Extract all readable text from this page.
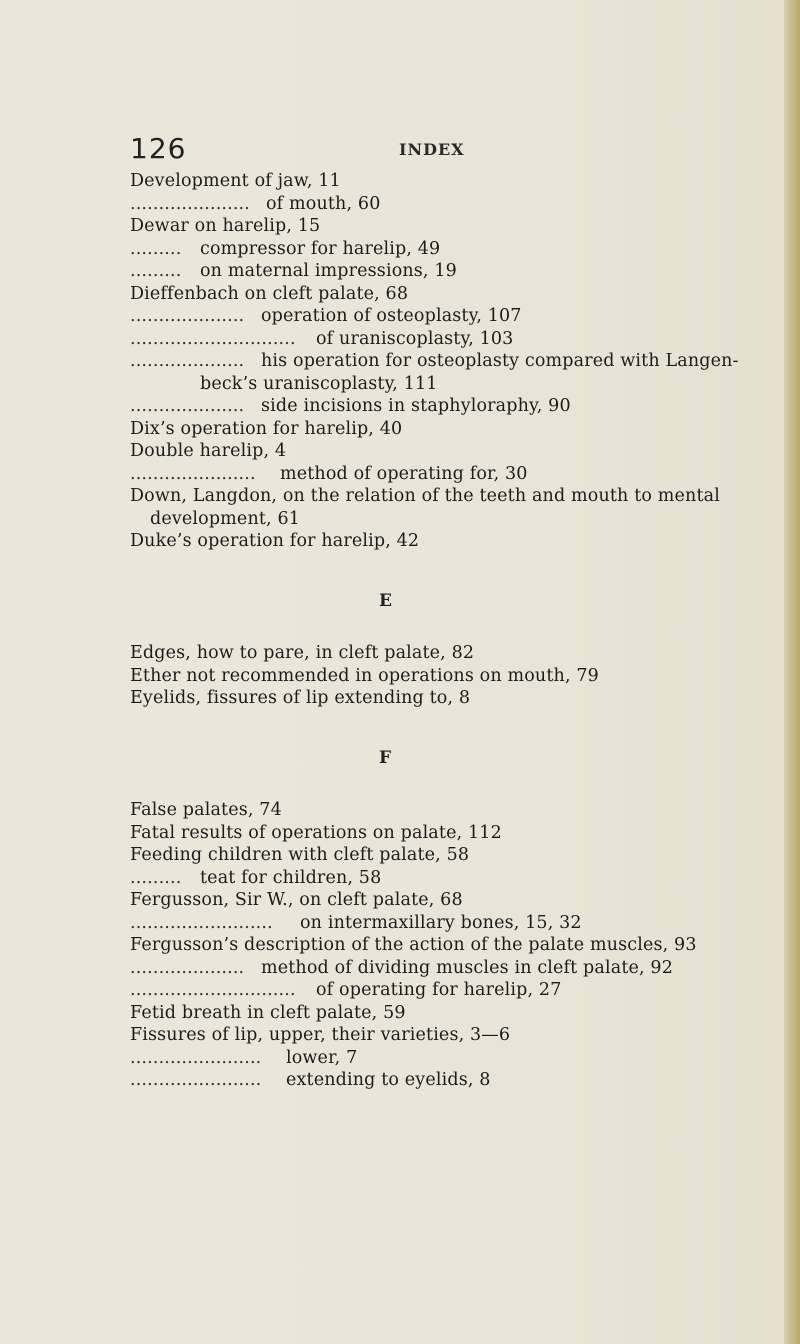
126	INDEX
Development of jaw, 11
..................... of mouth, 60
Dewar on harelip, 15
......... compressor for harelip, 49
......... on maternal impressions, 19
Dieffenbach on cleft palate, 68
.................... operation of osteoplasty, 107
............................. of uraniscoplasty, 103
.................... his operation for osteoplasty compared with Langen-
beck’s uraniscoplasty, 111
.................... side incisions in staphyloraphy, 90
Dix’s operation for harelip, 40
Double harelip, 4
...................... method of operating for, 30
Down, Langdon, on the relation of the teeth and mouth to mental
development, 61
Duke’s operation for harelip, 42
E
Edges, how to pare, in cleft palate, 82
Ether not recommended in operations on mouth, 79
Eyelids, fissures of lip extending to, 8
F
False palates, 74
Fatal results of operations on palate, 112
Feeding children with cleft palate, 58
......... teat for children, 58
Fergusson, Sir W., on cleft palate, 68
......................... on intermaxillary bones, 15, 32
Fergusson’s description of the action of the palate muscles, 93
.................... method of dividing muscles in cleft palate, 92
............................. of operating for harelip, 27
Fetid breath in cleft palate, 59
Fissures of lip, upper, their varieties, 3—6
....................... lower, 7
....................... extending to eyelids, 8
